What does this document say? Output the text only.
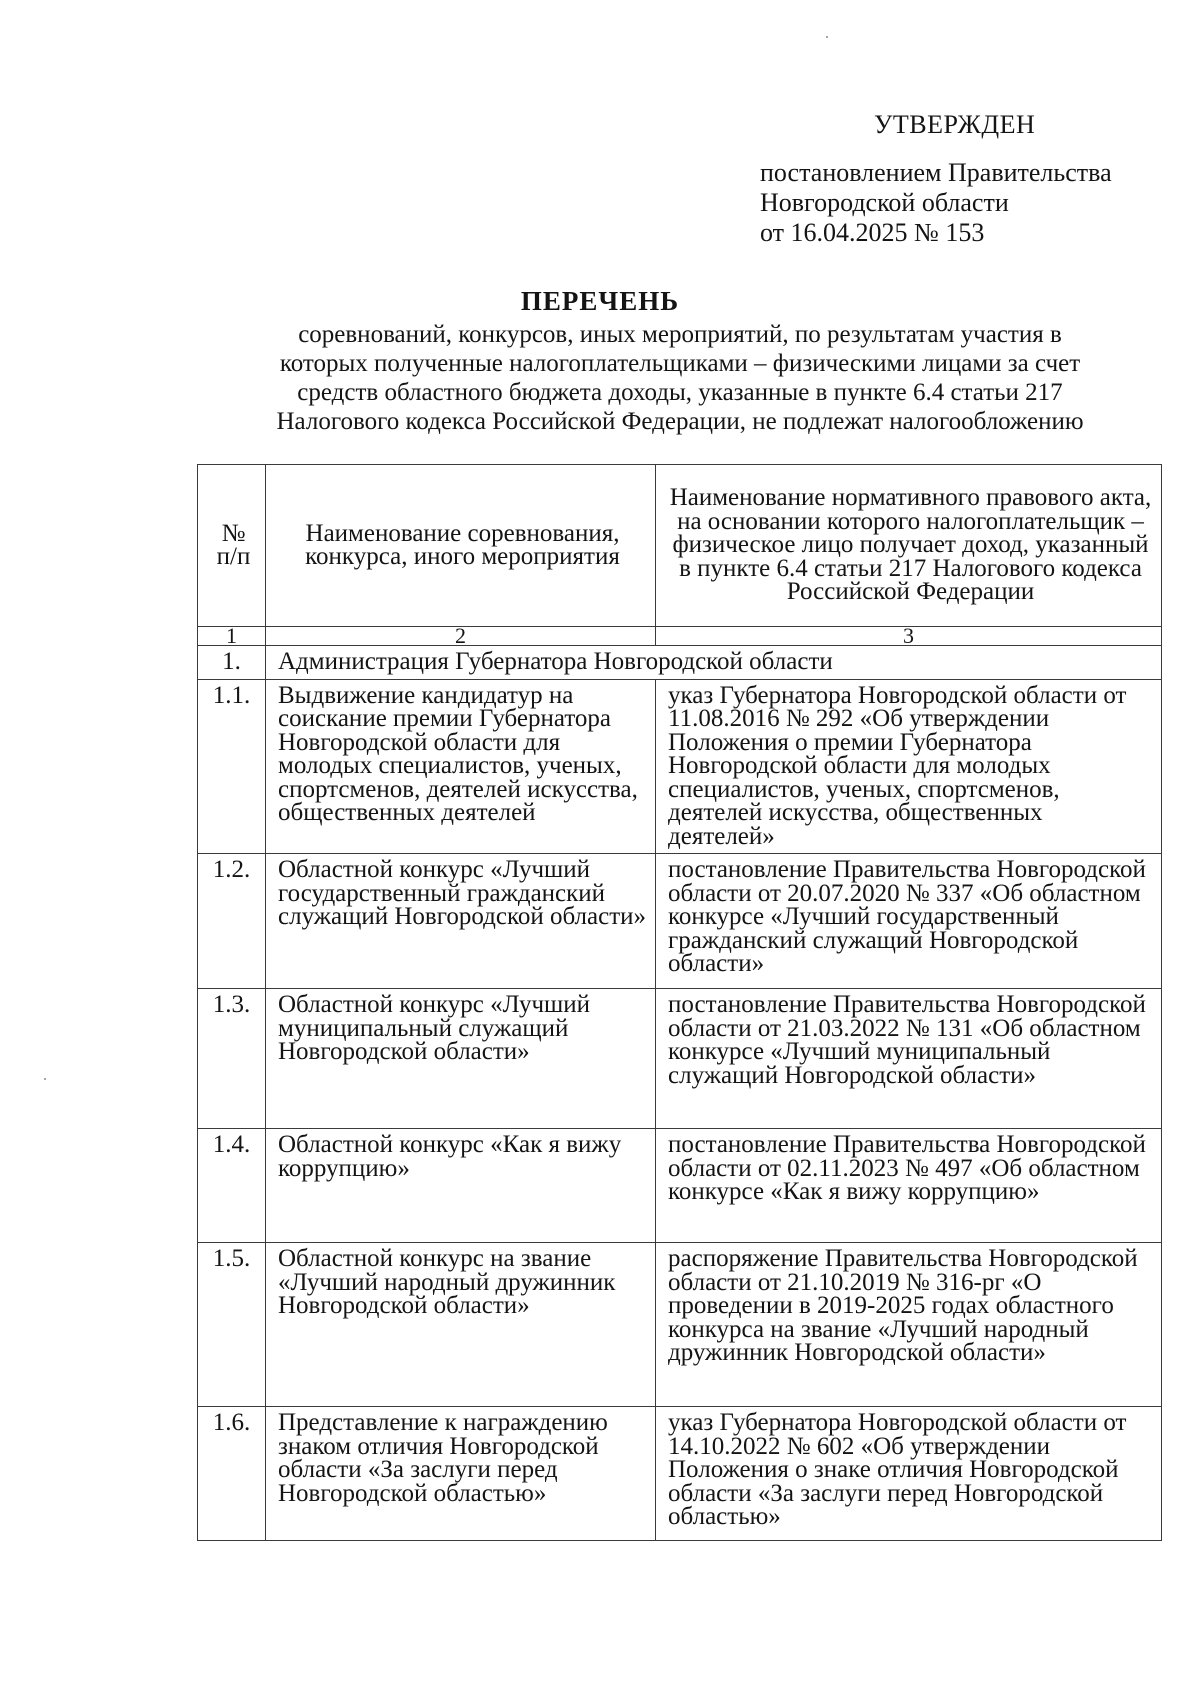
УТВЕРЖДЕН
постановлением Правительства
Новгородской области
от 16.04.2025 № 153
ПЕРЕЧЕНЬ
соревнований, конкурсов, иных мероприятий, по результатам участия в
которых полученные налогоплательщиками – физическими лицами за счет
средств областного бюджета доходы, указанные в пункте 6.4 статьи 217
Налогового кодекса Российской Федерации, не подлежат налогообложению
№ п/п	Наименование соревнования, конкурса, иного мероприятия	Наименование нормативного правового акта, на основании которого налогоплательщик – физическое лицо получает доход, указанный в пункте 6.4 статьи 217 Налогового кодекса Российской Федерации
1	2	3
1.	Администрация Губернатора Новгородской области	
1.1.	Выдвижение кандидатур на соискание премии Губернатора Новгородской области для молодых специалистов, ученых, спортсменов, деятелей искусства, общественных деятелей	указ Губернатора Новгородской области от 11.08.2016 № 292 «Об утверждении Положения о премии Губернатора Новгородской области для молодых специалистов, ученых, спортсменов, деятелей искусства, общественных деятелей»
1.2.	Областной конкурс «Лучший государственный гражданский служащий Новгородской области»	постановление Правительства Новгородской области от 20.07.2020 № 337 «Об областном конкурсе «Лучший государственный гражданский служащий Новгородской области»
1.3.	Областной конкурс «Лучший муниципальный служащий Новгородской области»	постановление Правительства Новгородской области от 21.03.2022 № 131 «Об областном конкурсе «Лучший муниципальный служащий Новгородской области»
1.4.	Областной конкурс «Как я вижу коррупцию»	постановление Правительства Новгородской области от 02.11.2023 № 497 «Об областном конкурсе «Как я вижу коррупцию»
1.5.	Областной конкурс на звание «Лучший народный дружинник Новгородской области»	распоряжение Правительства Новгородской области от 21.10.2019 № 316-рг «О проведении в 2019-2025 годах областного конкурса на звание «Лучший народный дружинник Новгородской области»
1.6.	Представление к награждению знаком отличия Новгородской области «За заслуги перед Новгородской областью»	указ Губернатора Новгородской области от 14.10.2022 № 602 «Об утверждении Положения о знаке отличия Новгородской области «За заслуги перед Новгородской областью»
